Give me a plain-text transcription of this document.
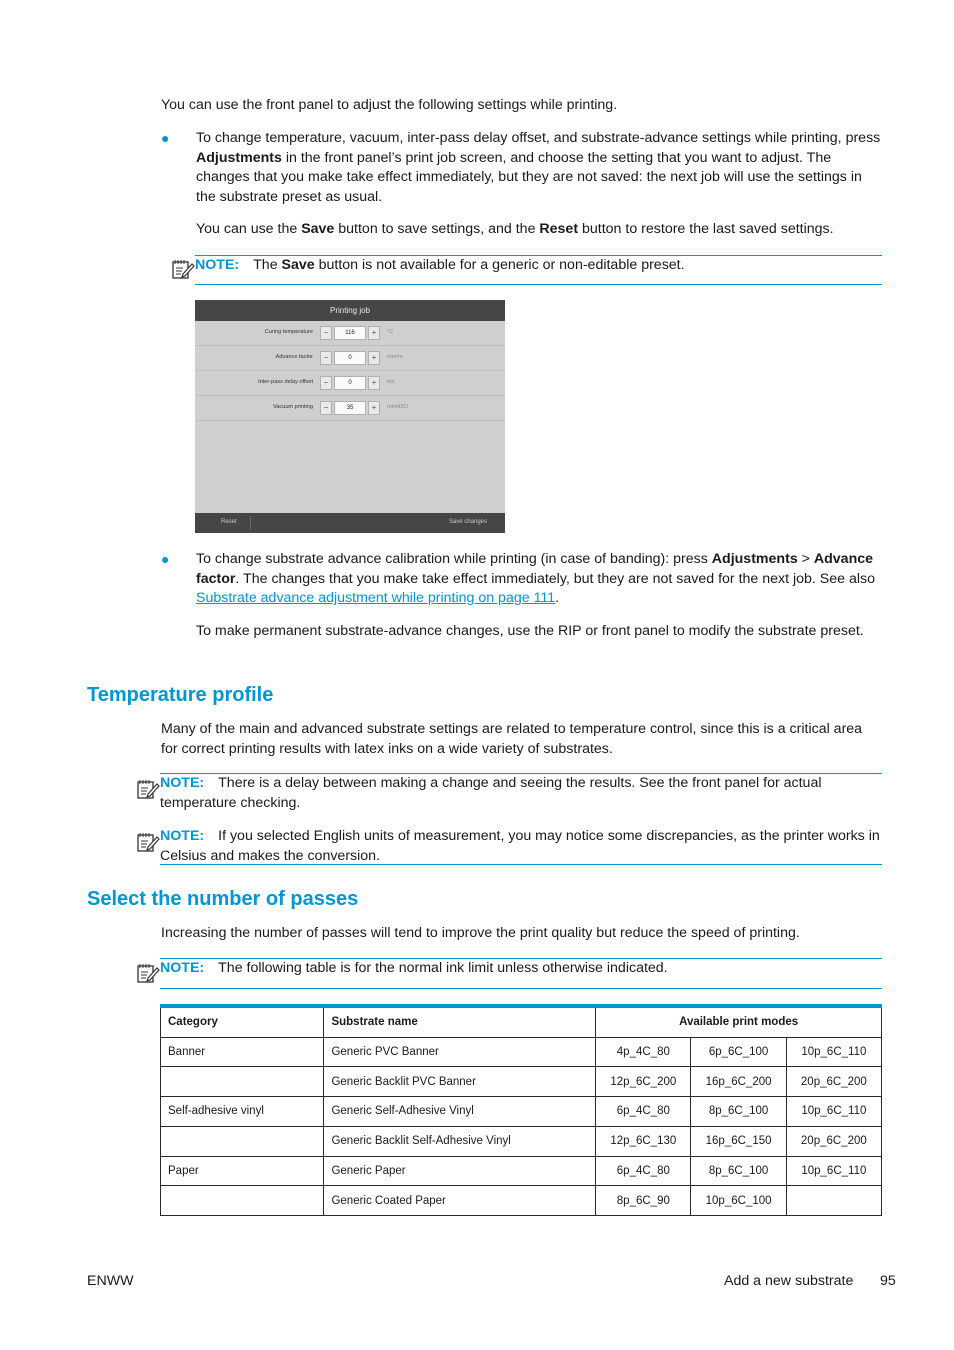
You can use the front panel to adjust the following settings while printing.
● To change temperature, vacuum, inter-pass delay offset, and substrate-advance settings while printing, press Adjustments in the front panel’s print job screen, and choose the setting that you want to adjust. The changes that you make take effect immediately, but they are not saved: the next job will use the settings in the substrate preset as usual.
You can use the Save button to save settings, and the Reset button to restore the last saved settings.
NOTE: The Save button is not available for a generic or non-editable preset.
Printing job
Curing temperature	−	116	+	°C
Advance factor	−	0	+	mm/m
Inter-pass delay offset	−	0	+	ms
Vacuum printing	−	35	+	mmH2O
Reset	Save changes
● To change substrate advance calibration while printing (in case of banding): press Adjustments > Advance factor. The changes that you make take effect immediately, but they are not saved for the next job. See also Substrate advance adjustment while printing on page 111.
To make permanent substrate-advance changes, use the RIP or front panel to modify the substrate preset.
Temperature profile
Many of the main and advanced substrate settings are related to temperature control, since this is a critical area for correct printing results with latex inks on a wide variety of substrates.
NOTE: There is a delay between making a change and seeing the results. See the front panel for actual temperature checking.
NOTE: If you selected English units of measurement, you may notice some discrepancies, as the printer works in Celsius and makes the conversion.
Select the number of passes
Increasing the number of passes will tend to improve the print quality but reduce the speed of printing.
NOTE: The following table is for the normal ink limit unless otherwise indicated.
Category	Substrate name	Available print modes		
Banner	Generic PVC Banner	4p_4C_80	6p_6C_100	10p_6C_110
	Generic Backlit PVC Banner	12p_6C_200	16p_6C_200	20p_6C_200
Self-adhesive vinyl	Generic Self-Adhesive Vinyl	6p_4C_80	8p_6C_100	10p_6C_110
	Generic Backlit Self-Adhesive Vinyl	12p_6C_130	16p_6C_150	20p_6C_200
Paper	Generic Paper	6p_4C_80	8p_6C_100	10p_6C_110
	Generic Coated Paper	8p_6C_90	10p_6C_100	
ENWW	Add a new substrate 95
